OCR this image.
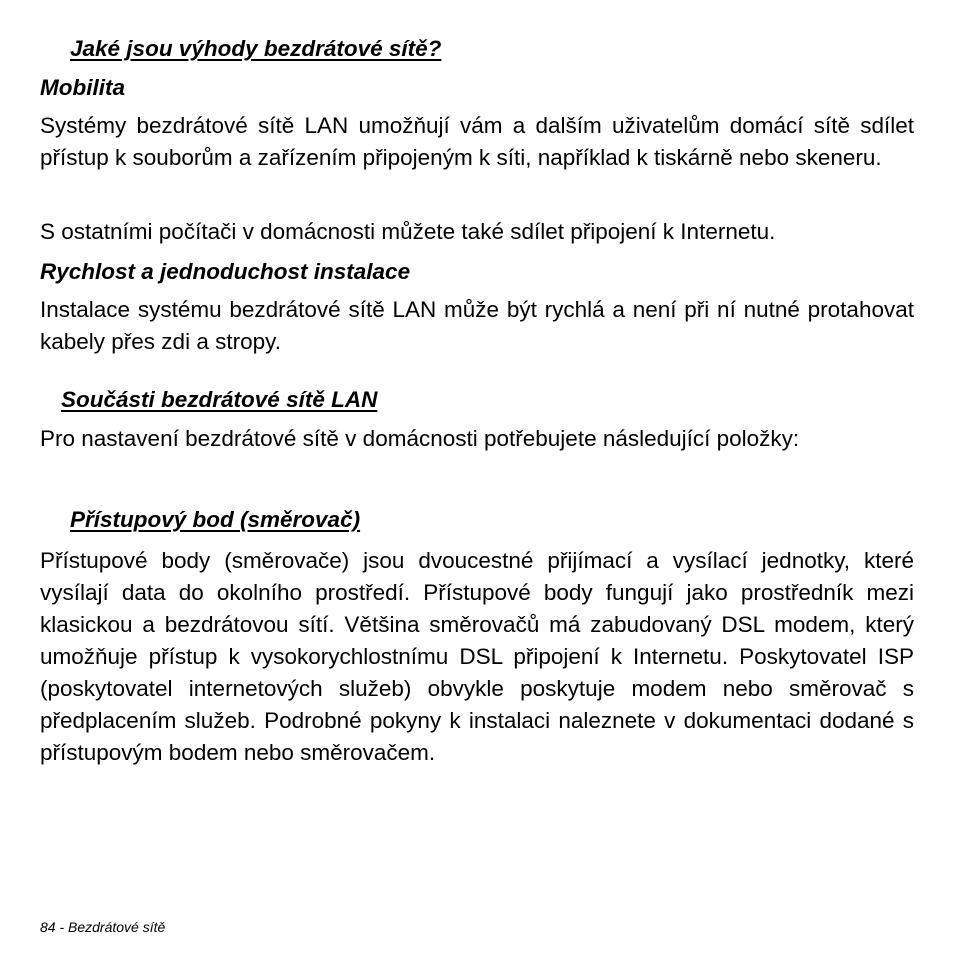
Jaké jsou výhody bezdrátové sítě?
Mobilita

Systémy bezdrátové sítě LAN umožňují vám a dalším uživatelům domácí sítě sdílet přístup k souborům a zařízením připojeným k síti, například k tiskárně nebo skeneru.

S ostatními počítači v domácnosti můžete také sdílet připojení k Internetu.

Rychlost a jednoduchost instalace

Instalace systému bezdrátové sítě LAN může být rychlá a není při ní nutné protahovat kabely přes zdi a stropy.

Součásti bezdrátové sítě LAN

Pro nastavení bezdrátové sítě v domácnosti potřebujete následující položky:

Přístupový bod (směrovač)

Přístupové body (směrovače) jsou dvoucestné přijímací a vysílací jednotky, které vysílají data do okolního prostředí. Přístupové body fungují jako prostředník mezi klasickou a bezdrátovou sítí. Většina směrovačů má zabudovaný DSL modem, který umožňuje přístup k vysokorychlostnímu DSL připojení k Internetu. Poskytovatel ISP (poskytovatel internetových služeb) obvykle poskytuje modem nebo směrovač s předplacením služeb. Podrobné pokyny k instalaci naleznete v dokumentaci dodané s přístupovým bodem nebo směrovačem.

84 - Bezdrátové sítě
